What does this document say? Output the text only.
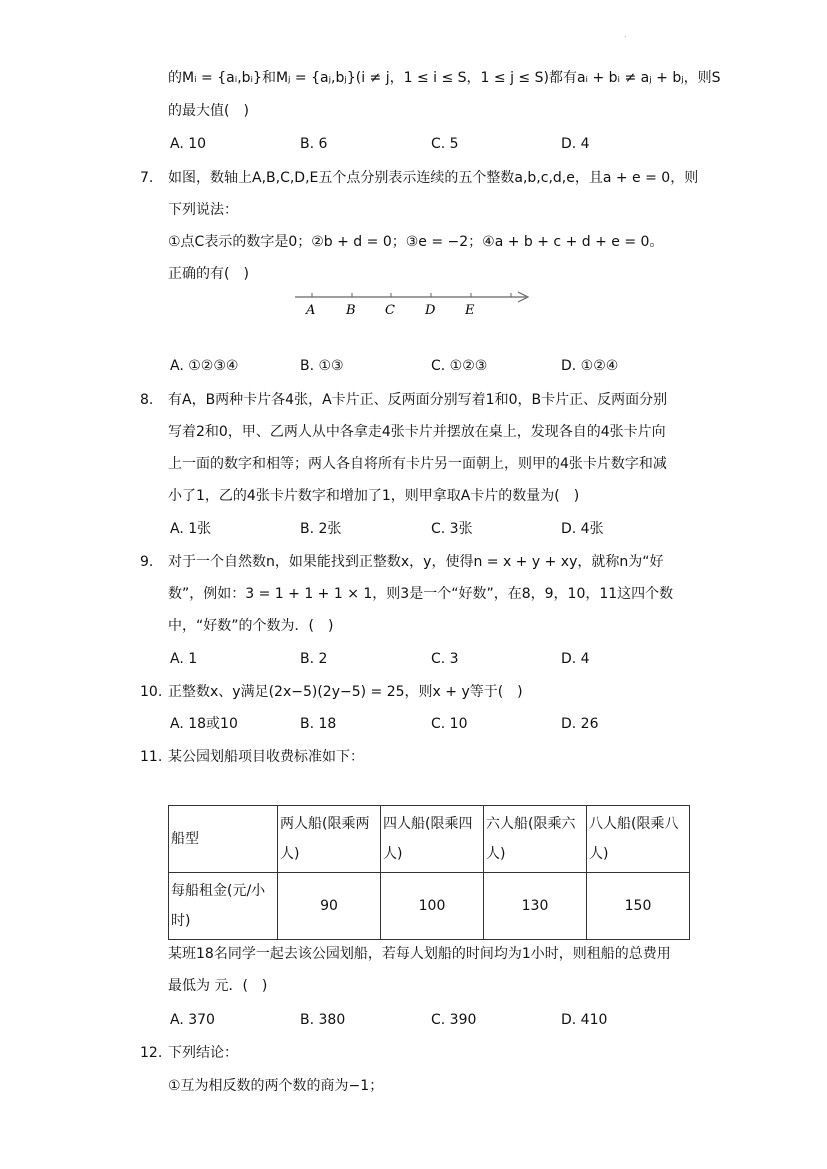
.
的Mᵢ = {aᵢ,bᵢ}和Mⱼ = {aⱼ,bⱼ}(i ≠ j，1 ≤ i ≤ S，1 ≤ j ≤ S)都有aᵢ + bᵢ ≠ aⱼ + bⱼ，则S
的最大值(　)
A. 10	B. 6	C. 5	D. 4
7. 如图，数轴上A,B,C,D,E五个点分别表示连续的五个整数a,b,c,d,e，且a + e = 0，则
下列说法：
①点C表示的数字是0；②b + d = 0；③e = −2；④a + b + c + d + e = 0。
正确的有(　)
A B C D E
A. ①②③④	B. ①③	C. ①②③	D. ①②④
8. 有A，B两种卡片各4张，A卡片正、反两面分别写着1和0，B卡片正、反两面分别
写着2和0，甲、乙两人从中各拿走4张卡片并摆放在桌上，发现各自的4张卡片向
上一面的数字和相等；两人各自将所有卡片另一面朝上，则甲的4张卡片数字和减
小了1，乙的4张卡片数字和增加了1，则甲拿取A卡片的数量为(　)
A. 1张	B. 2张	C. 3张	D. 4张
9. 对于一个自然数n，如果能找到正整数x，y，使得n = x + y + xy，就称n为“好
数”，例如：3 = 1 + 1 + 1 × 1，则3是一个“好数”，在8，9，10，11这四个数
中，“好数”的个数为．(　)
A. 1	B. 2	C. 3	D. 4
10. 正整数x、y满足(2x−5)(2y−5) = 25，则x + y等于(　)
A. 18或10	B. 18	C. 10	D. 26
11. 某公园划船项目收费标准如下：
船型	两人船(限乘两人)	四人船(限乘四人)	六人船(限乘六人)	八人船(限乘八人)
每船租金(元/小时)	90	100	130	150
某班18名同学一起去该公园划船，若每人划船的时间均为1小时，则租船的总费用
最低为 元．(　)
A. 370	B. 380	C. 390	D. 410
12. 下列结论：
①互为相反数的两个数的商为−1；
